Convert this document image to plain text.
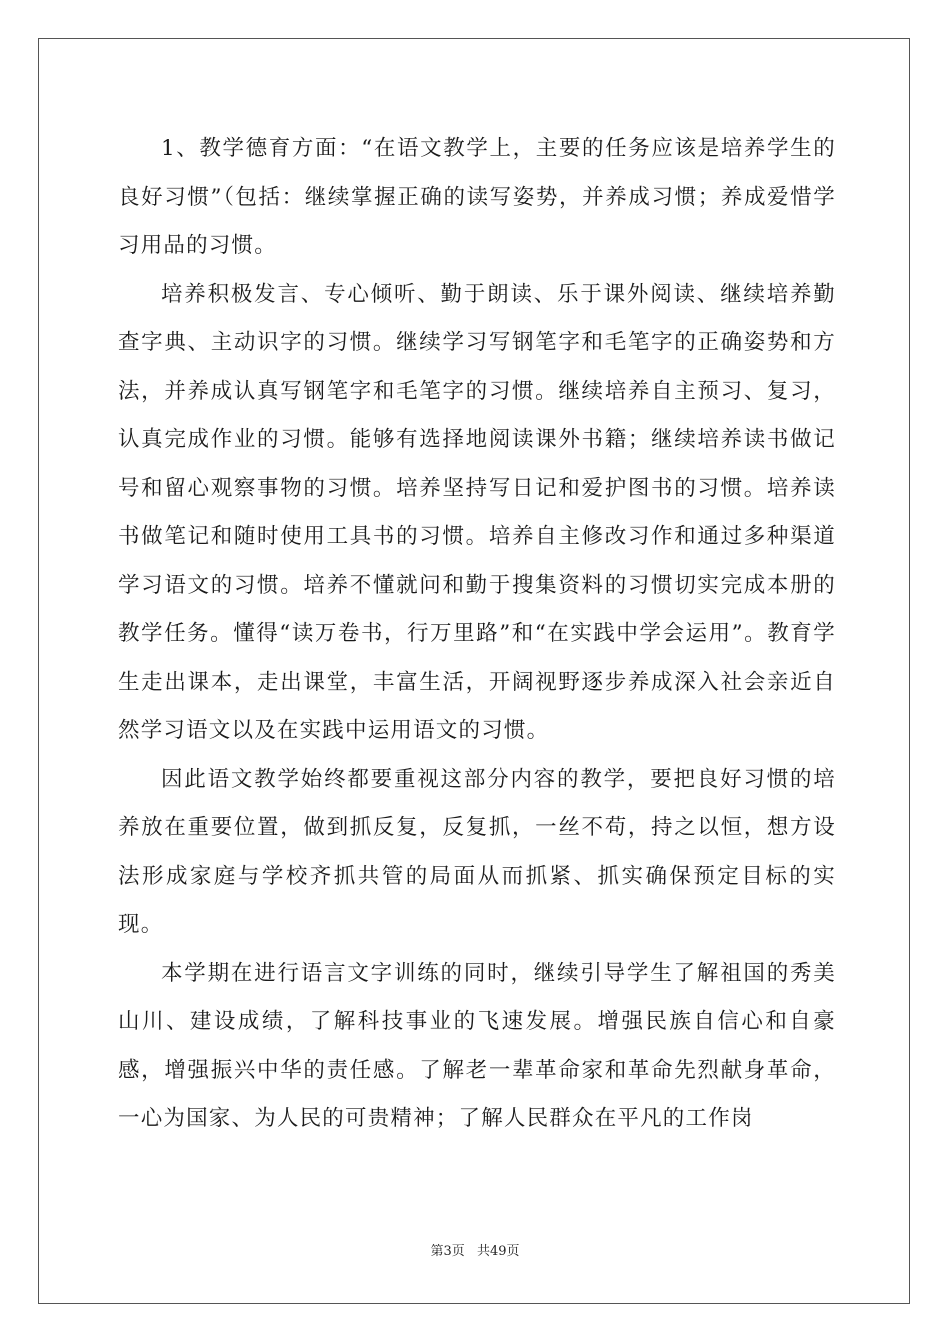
1、教学德育方面：“在语文教学上，主要的任务应该是培养学生的良好习惯”（包括：继续掌握正确的读写姿势，并养成习惯；养成爱惜学习用品的习惯。

培养积极发言、专心倾听、勤于朗读、乐于课外阅读、继续培养勤查字典、主动识字的习惯。继续学习写钢笔字和毛笔字的正确姿势和方法，并养成认真写钢笔字和毛笔字的习惯。继续培养自主预习、复习，认真完成作业的习惯。能够有选择地阅读课外书籍；继续培养读书做记号和留心观察事物的习惯。培养坚持写日记和爱护图书的习惯。培养读书做笔记和随时使用工具书的习惯。培养自主修改习作和通过多种渠道学习语文的习惯。培养不懂就问和勤于搜集资料的习惯切实完成本册的教学任务。懂得“读万卷书，行万里路”和“在实践中学会运用”。教育学生走出课本，走出课堂，丰富生活，开阔视野逐步养成深入社会亲近自然学习语文以及在实践中运用语文的习惯。

因此语文教学始终都要重视这部分内容的教学，要把良好习惯的培养放在重要位置，做到抓反复，反复抓，一丝不苟，持之以恒，想方设法形成家庭与学校齐抓共管的局面从而抓紧、抓实确保预定目标的实现。

本学期在进行语言文字训练的同时，继续引导学生了解祖国的秀美山川、建设成绩，了解科技事业的飞速发展。增强民族自信心和自豪感，增强振兴中华的责任感。了解老一辈革命家和革命先烈献身革命，一心为国家、为人民的可贵精神；了解人民群众在平凡的工作岗

第3页 共49页
